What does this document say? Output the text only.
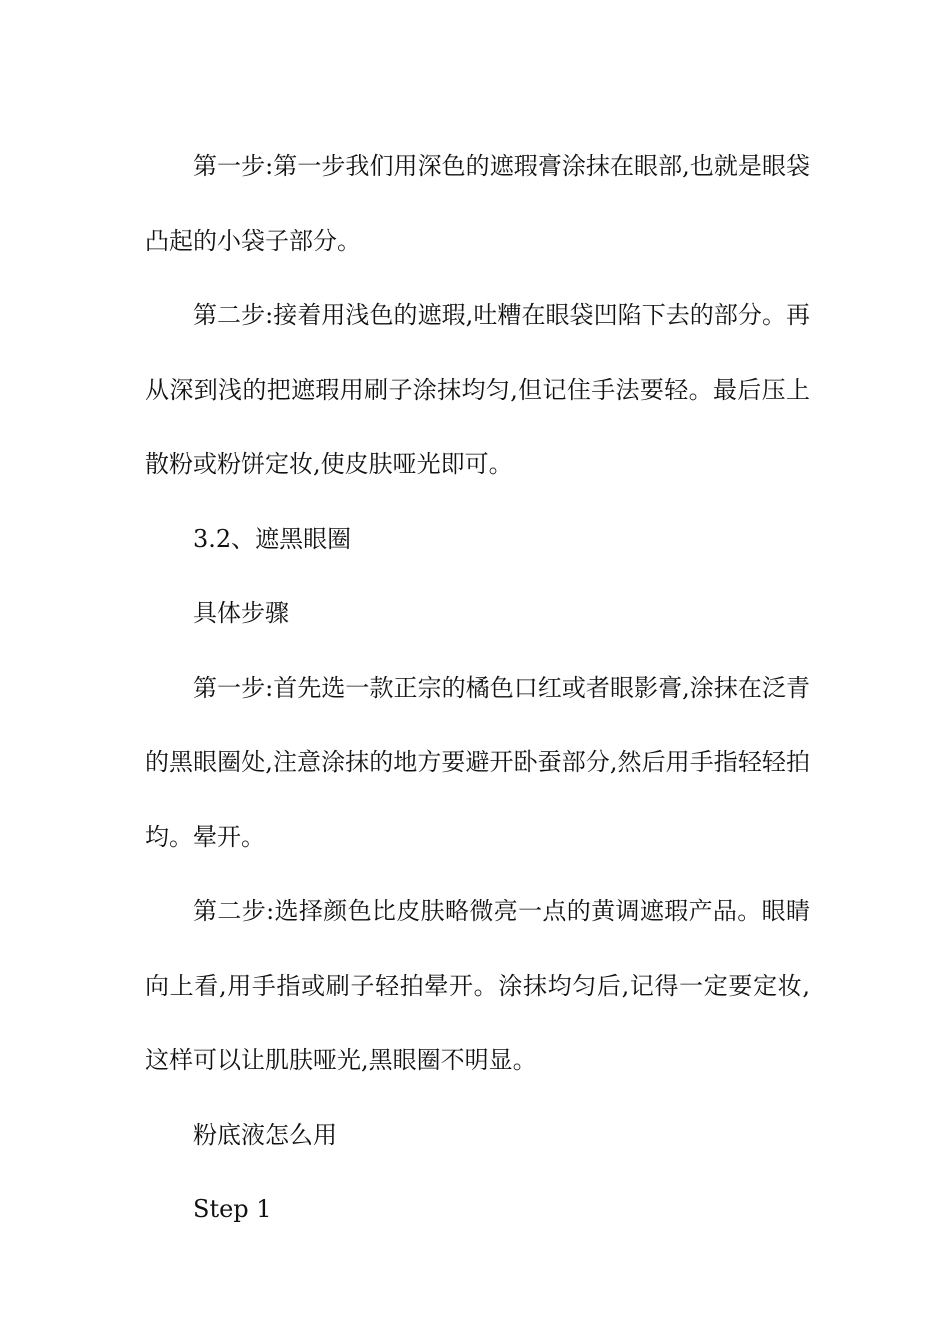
第一步:第一步我们用深色的遮瑕膏涂抹在眼部,也就是眼袋凸起的小袋子部分。

第二步:接着用浅色的遮瑕,吐糟在眼袋凹陷下去的部分。再从深到浅的把遮瑕用刷子涂抹均匀,但记住手法要轻。最后压上散粉或粉饼定妆,使皮肤哑光即可。

3.2、遮黑眼圈

具体步骤

第一步:首先选一款正宗的橘色口红或者眼影膏,涂抹在泛青的黑眼圈处,注意涂抹的地方要避开卧蚕部分,然后用手指轻轻拍均。晕开。

第二步:选择颜色比皮肤略微亮一点的黄调遮瑕产品。眼睛向上看,用手指或刷子轻拍晕开。涂抹均匀后,记得一定要定妆,这样可以让肌肤哑光,黑眼圈不明显。

粉底液怎么用

Step 1
